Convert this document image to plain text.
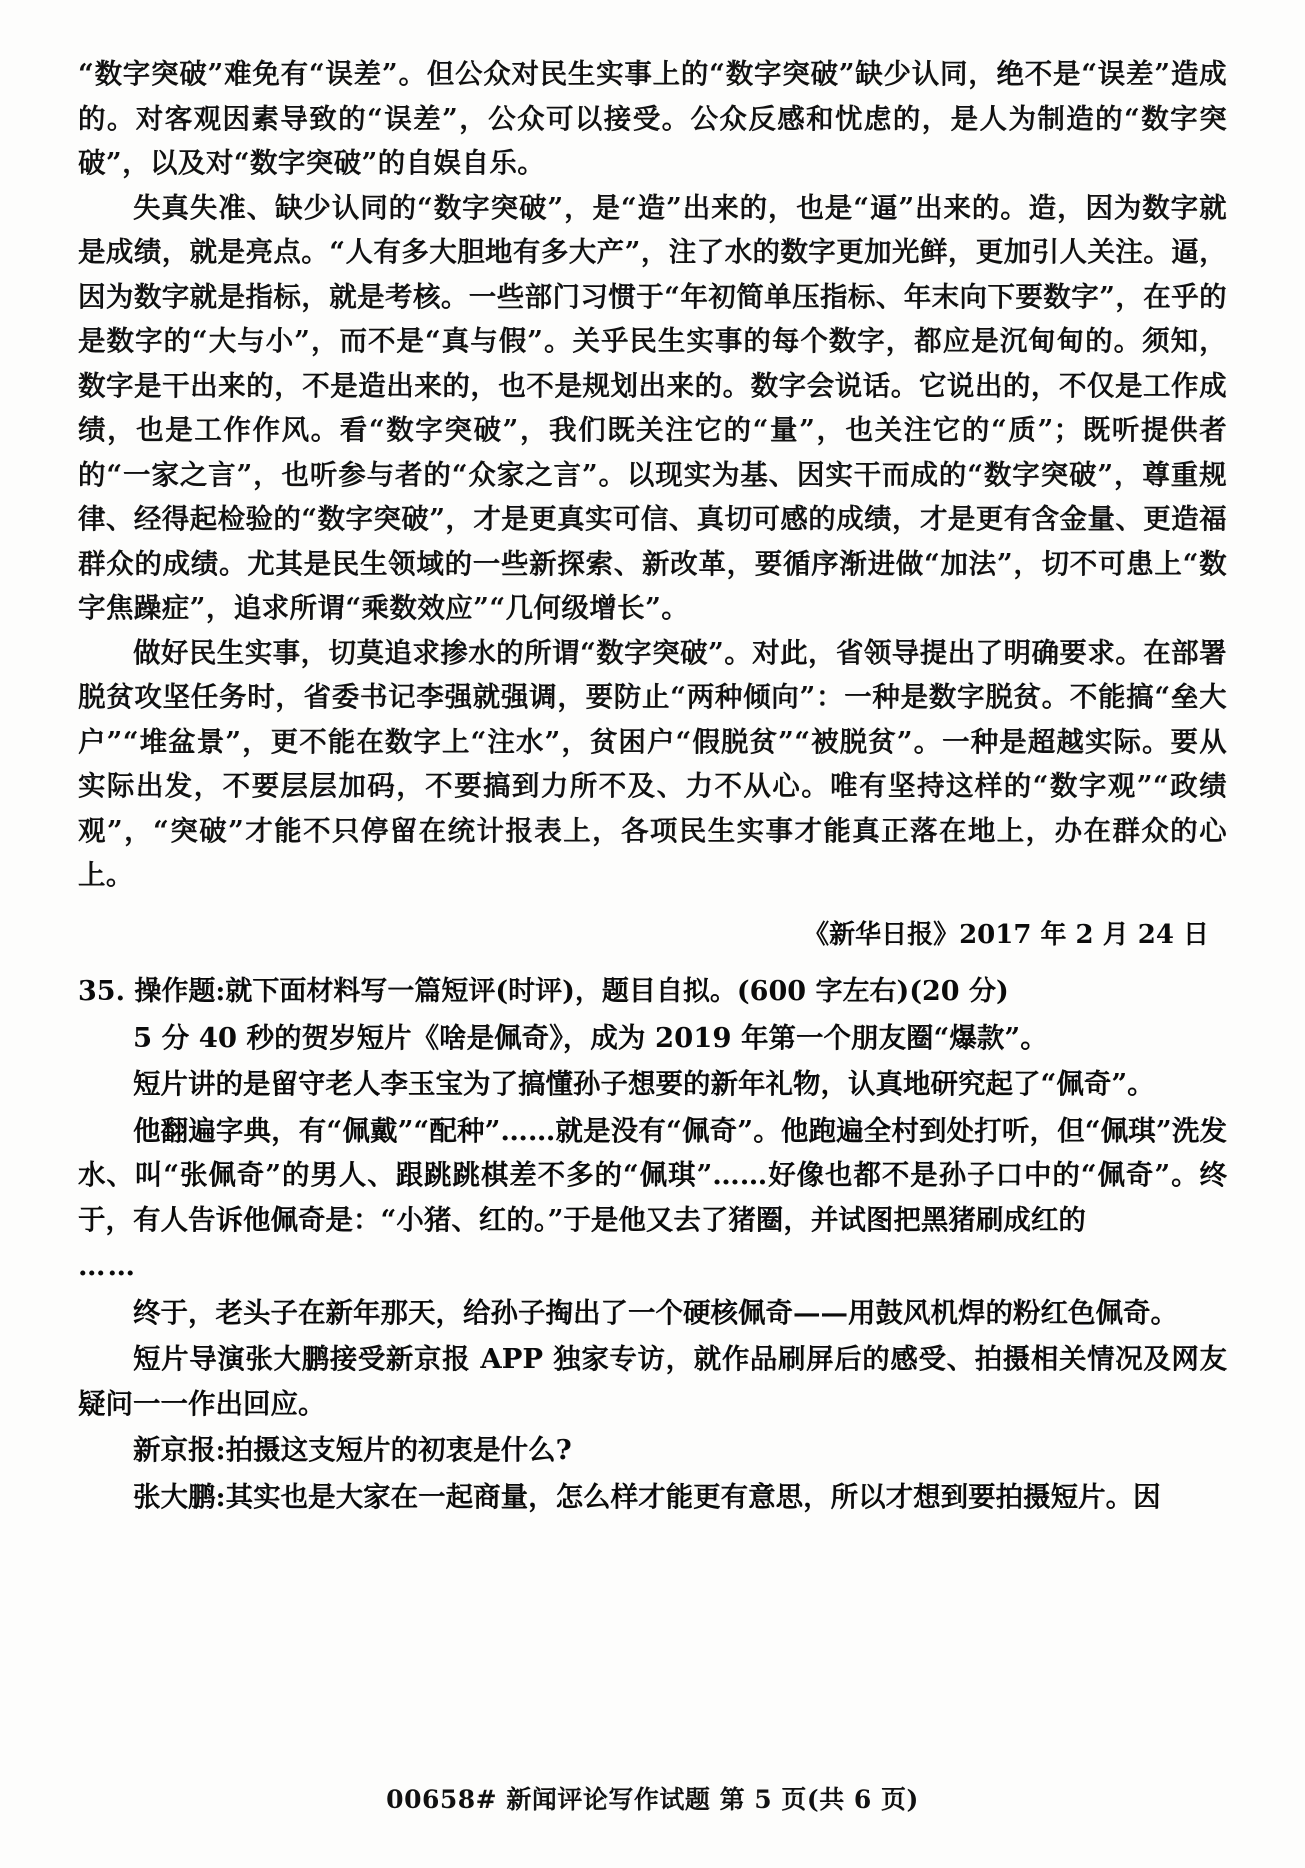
“数字突破”难免有“误差”。但公众对民生实事上的“数字突破”缺少认同，绝不是“误差”造成的。对客观因素导致的“误差”，公众可以接受。公众反感和忧虑的，是人为制造的“数字突破”，以及对“数字突破”的自娱自乐。

失真失准、缺少认同的“数字突破”，是“造”出来的，也是“逼”出来的。造，因为数字就是成绩，就是亮点。“人有多大胆地有多大产”，注了水的数字更加光鲜，更加引人关注。逼，因为数字就是指标，就是考核。一些部门习惯于“年初简单压指标、年末向下要数字”，在乎的是数字的“大与小”，而不是“真与假”。关乎民生实事的每个数字，都应是沉甸甸的。须知，数字是干出来的，不是造出来的，也不是规划出来的。数字会说话。它说出的，不仅是工作成绩，也是工作作风。看“数字突破”，我们既关注它的“量”，也关注它的“质”；既听提供者的“一家之言”，也听参与者的“众家之言”。以现实为基、因实干而成的“数字突破”，尊重规律、经得起检验的“数字突破”，才是更真实可信、真切可感的成绩，才是更有含金量、更造福群众的成绩。尤其是民生领域的一些新探索、新改革，要循序渐进做“加法”，切不可患上“数字焦躁症”，追求所谓“乘数效应”“几何级增长”。

做好民生实事，切莫追求掺水的所谓“数字突破”。对此，省领导提出了明确要求。在部署脱贫攻坚任务时，省委书记李强就强调，要防止“两种倾向”：一种是数字脱贫。不能搞“垒大户”“堆盆景”，更不能在数字上“注水”，贫困户“假脱贫”“被脱贫”。一种是超越实际。要从实际出发，不要层层加码，不要搞到力所不及、力不从心。唯有坚持这样的“数字观”“政绩观”，“突破”才能不只停留在统计报表上，各项民生实事才能真正落在地上，办在群众的心上。

《新华日报》2017 年 2 月 24 日
35. 操作题:就下面材料写一篇短评(时评)，题目自拟。(600 字左右)(20 分)

5 分 40 秒的贺岁短片《啥是佩奇》，成为 2019 年第一个朋友圈“爆款”。

短片讲的是留守老人李玉宝为了搞懂孙子想要的新年礼物，认真地研究起了“佩奇”。

他翻遍字典，有“佩戴”“配种”……就是没有“佩奇”。他跑遍全村到处打听，但“佩琪”洗发水、叫“张佩奇”的男人、跟跳跳棋差不多的“佩琪”……好像也都不是孙子口中的“佩奇”。终于，有人告诉他佩奇是：“小猪、红的。”于是他又去了猪圈，并试图把黑猪刷成红的

……

终于，老头子在新年那天，给孙子掏出了一个硬核佩奇——用鼓风机焊的粉红色佩奇。

短片导演张大鹏接受新京报 APP 独家专访，就作品刷屏后的感受、拍摄相关情况及网友疑问一一作出回应。

新京报:拍摄这支短片的初衷是什么?

张大鹏:其实也是大家在一起商量，怎么样才能更有意思，所以才想到要拍摄短片。因

00658# 新闻评论写作试题 第 5 页(共 6 页)
